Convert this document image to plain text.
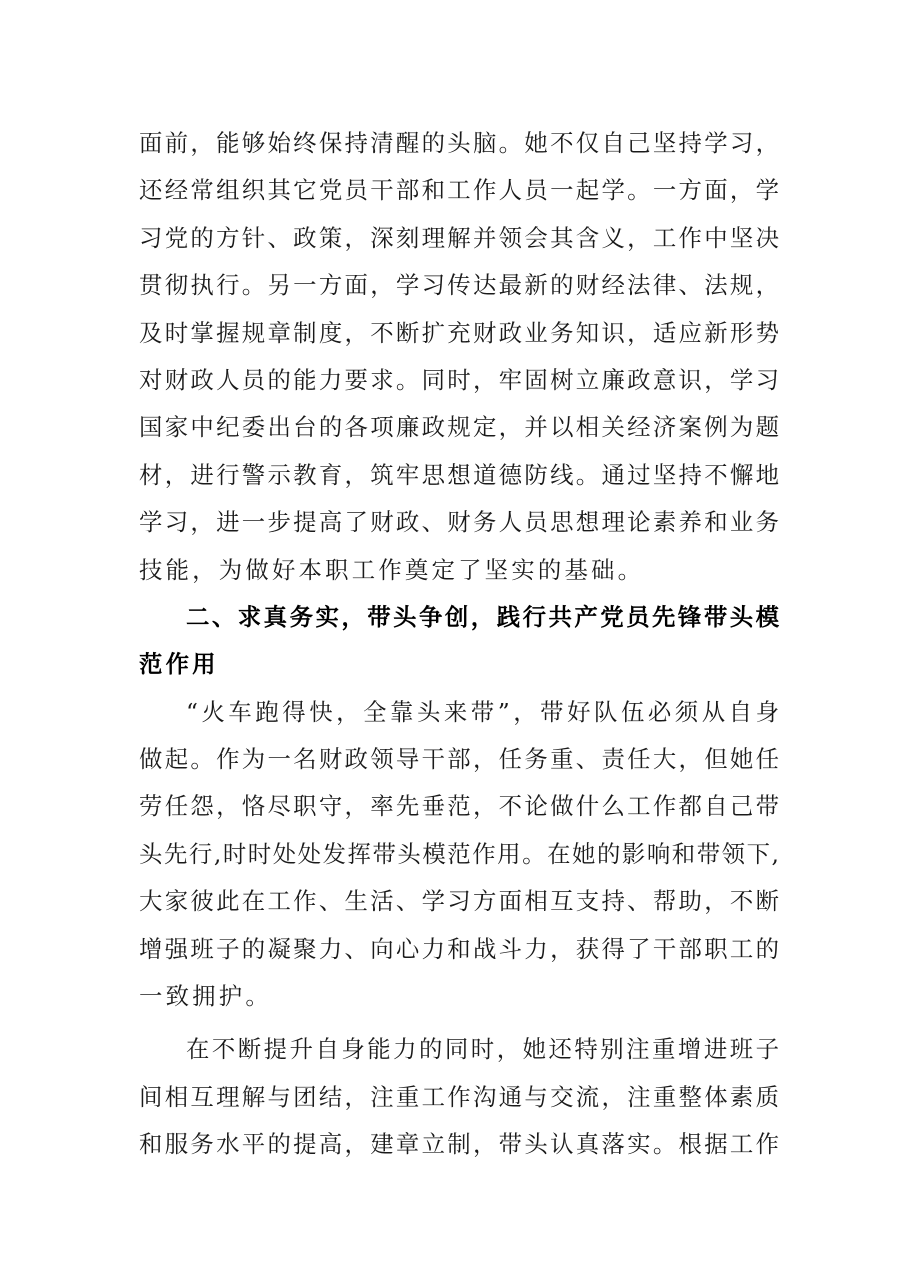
面前，能够始终保持清醒的头脑。她不仅自己坚持学习，
还经常组织其它党员干部和工作人员一起学。一方面，学
习党的方针、政策，深刻理解并领会其含义，工作中坚决
贯彻执行。另一方面，学习传达最新的财经法律、法规，
及时掌握规章制度，不断扩充财政业务知识，适应新形势
对财政人员的能力要求。同时，牢固树立廉政意识，学习
国家中纪委出台的各项廉政规定，并以相关经济案例为题
材，进行警示教育，筑牢思想道德防线。通过坚持不懈地
学习，进一步提高了财政、财务人员思想理论素养和业务
技能，为做好本职工作奠定了坚实的基础。
二、求真务实，带头争创，践行共产党员先锋带头模
范作用
“火车跑得快，全靠头来带”，带好队伍必须从自身
做起。作为一名财政领导干部，任务重、责任大，但她任
劳任怨，恪尽职守，率先垂范，不论做什么工作都自己带
头先行,时时处处发挥带头模范作用。在她的影响和带领下,
大家彼此在工作、生活、学习方面相互支持、帮助，不断
增强班子的凝聚力、向心力和战斗力，获得了干部职工的
一致拥护。
在不断提升自身能力的同时，她还特别注重增进班子
间相互理解与团结，注重工作沟通与交流，注重整体素质
和服务水平的提高，建章立制，带头认真落实。根据工作
